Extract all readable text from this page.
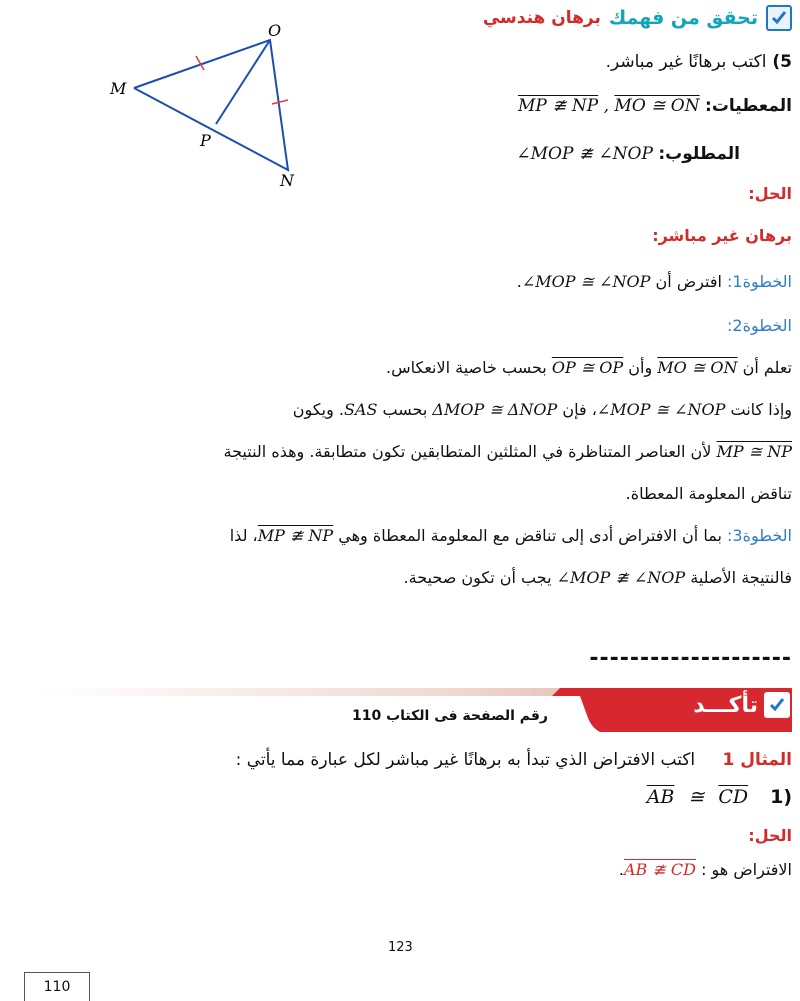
تحقق من فهمك
برهان هندسي
O
M
P
N
5) اكتب برهانًا غير مباشر.
المعطيات: MO ≅ ON , MP ≇ NP
المطلوب: ∠MOP ≇ ∠NOP
الحل:
برهان غير مباشر:
الخطوة1: افترض أن ∠MOP ≅ ∠NOP.
الخطوة2:
تعلم أن MO ≅ ON وأن OP ≅ OP بحسب خاصية الانعكاس.
وإذا كانت ∠MOP ≅ ∠NOP، فإن ΔMOP ≅ ΔNOP بحسب SAS. ويكون
MP ≅ NP لأن العناصر المتناظرة في المثلثين المتطابقين تكون متطابقة. وهذه النتيجة
تناقض المعلومة المعطاة.
الخطوة3: بما أن الافتراض أدى إلى تناقض مع المعلومة المعطاة وهي MP ≇ NP، لذا
فالنتيجة الأصلية ∠MOP ≇ ∠NOP يجب أن تكون صحيحة.
--------------------
تأكـــد
رقم الصفحة فى الكتاب 110
المثال 1 اكتب الافتراض الذي تبدأ به برهانًا غير مباشر لكل عبارة مما يأتي :
$\overline{AB}$ ≅ $\overline{CD}$ 1)
الحل:
الافتراض هو : AB ≇ CD.
123
110
